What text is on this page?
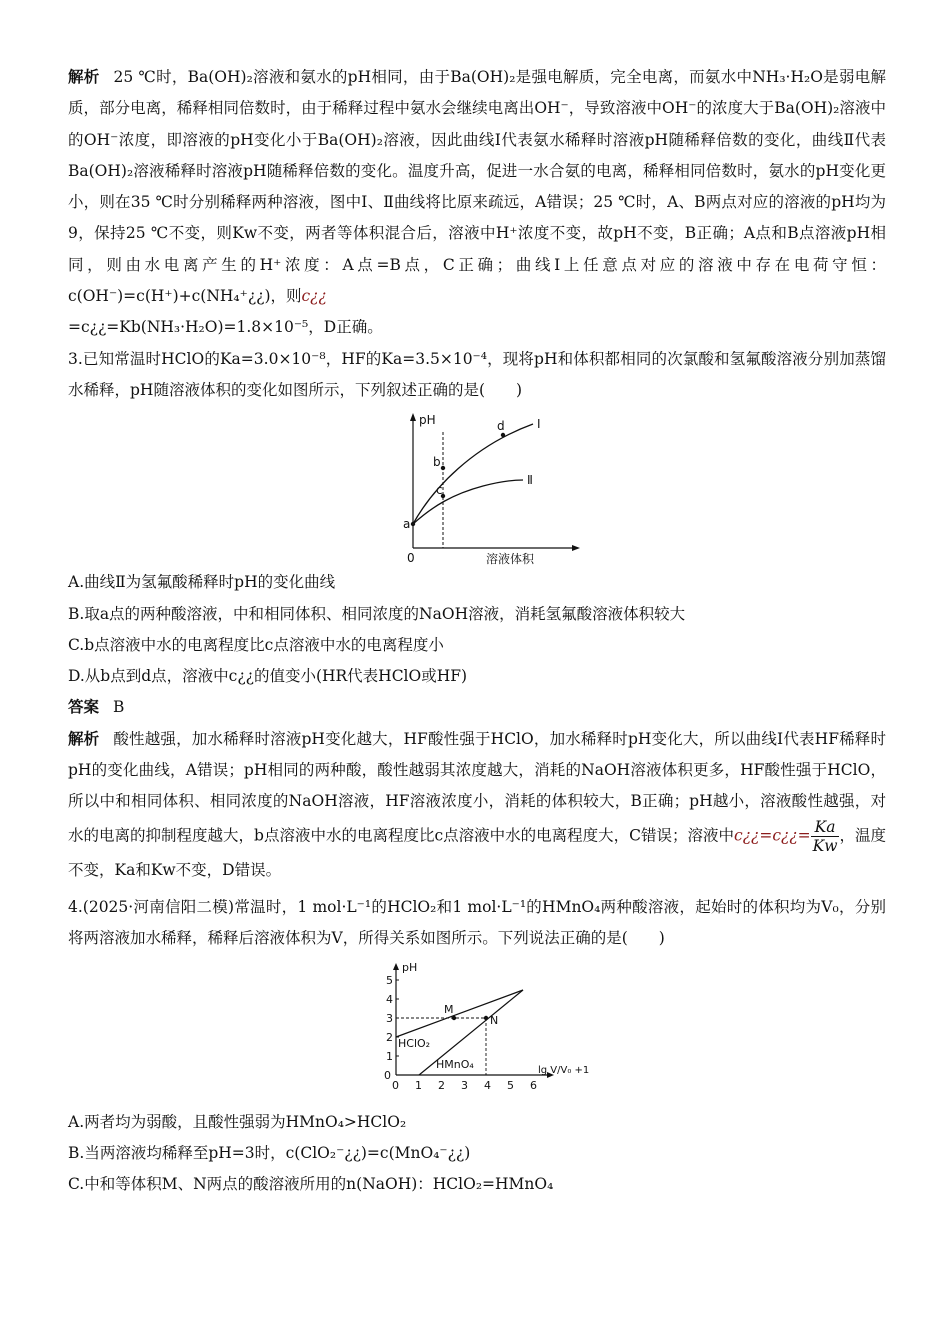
解析 25 ℃时，Ba(OH)₂溶液和氨水的pH相同，由于Ba(OH)₂是强电解质，完全电离，而氨水中NH₃·H₂O是弱电解质，部分电离，稀释相同倍数时，由于稀释过程中氨水会继续电离出OH⁻，导致溶液中OH⁻的浓度大于Ba(OH)₂溶液中的OH⁻浓度，即溶液的pH变化小于Ba(OH)₂溶液，因此曲线Ⅰ代表氨水稀释时溶液pH随稀释倍数的变化，曲线Ⅱ代表Ba(OH)₂溶液稀释时溶液pH随稀释倍数的变化。温度升高，促进一水合氨的电离，稀释相同倍数时，氨水的pH变化更小，则在35 ℃时分别稀释两种溶液，图中Ⅰ、Ⅱ曲线将比原来疏远，A错误；25 ℃时，A、B两点对应的溶液的pH均为9，保持25 ℃不变，则Kw不变，两者等体积混合后，溶液中H⁺浓度不变，故pH不变，B正确；A点和B点溶液pH相同，则由水电离产生的H⁺浓度：A点=B点，C正确；曲线Ⅰ上任意点对应的溶液中存在电荷守恒：c(OH⁻)=c(H⁺)+c(NH₄⁺¿¿)，则c¿¿
=c¿¿=Kb(NH₃·H₂O)=1.8×10⁻⁵，D正确。

3.已知常温时HClO的Ka=3.0×10⁻⁸，HF的Ka=3.5×10⁻⁴，现将pH和体积都相同的次氯酸和氢氟酸溶液分别加蒸馏水稀释，pH随溶液体积的变化如图所示，下列叙述正确的是(　　)

pH
0	溶液体积
a
b
c
d	Ⅰ
Ⅱ

A.曲线Ⅱ为氢氟酸稀释时pH的变化曲线

B.取a点的两种酸溶液，中和相同体积、相同浓度的NaOH溶液，消耗氢氟酸溶液体积较大

C.b点溶液中水的电离程度比c点溶液中水的电离程度小

D.从b点到d点，溶液中c¿¿的值变小(HR代表HClO或HF)

答案 B

解析 酸性越强，加水稀释时溶液pH变化越大，HF酸性强于HClO，加水稀释时pH变化大，所以曲线Ⅰ代表HF稀释时pH的变化曲线，A错误；pH相同的两种酸，酸性越弱其浓度越大，消耗的NaOH溶液体积更多，HF酸性强于HClO，所以中和相同体积、相同浓度的NaOH溶液，HF溶液浓度小，消耗的体积较大，B正确；pH越小，溶液酸性越强，对水的电离的抑制程度越大，b点溶液中水的电离程度比c点溶液中水的电离程度大，C错误；溶液中c¿¿=c¿¿= $\frac{Ka}{Kw}$ ，温度不变，Ka和Kw不变，D错误。

4.(2025·河南信阳二模)常温时，1 mol·L⁻¹的HClO₂和1 mol·L⁻¹的HMnO₄两种酸溶液，起始时的体积均为V₀，分别将两溶液加水稀释，稀释后溶液体积为V，所得关系如图所示。下列说法正确的是(　　)

pH
0
1
2
3
4
5
1 2 3 4 5 6
0
lg V/V₀ +1
M
N
HClO₂
HMnO₄

A.两者均为弱酸，且酸性强弱为HMnO₄>HClO₂

B.当两溶液均稀释至pH=3时，c(ClO₂⁻¿¿)=c(MnO₄⁻¿¿)

C.中和等体积M、N两点的酸溶液所用的n(NaOH)：HClO₂=HMnO₄
